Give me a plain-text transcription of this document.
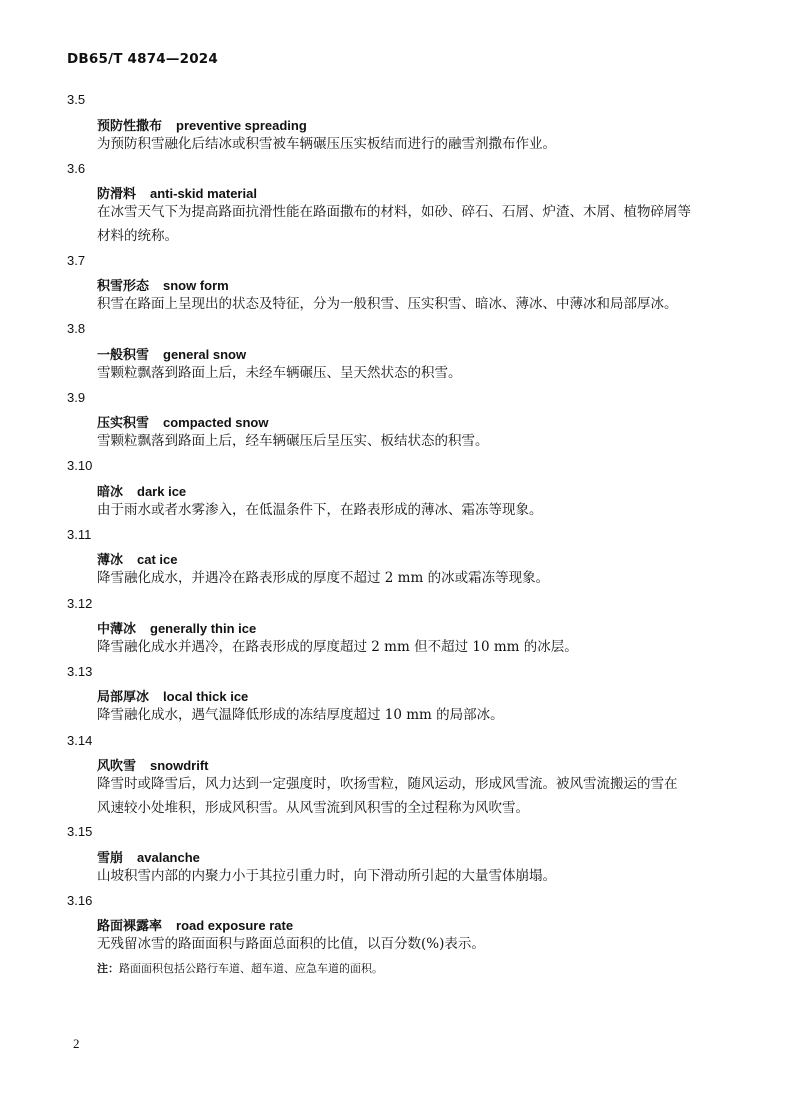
DB65/T 4874—2024
3.5
预防性撒布 preventive spreading
为预防积雪融化后结冰或积雪被车辆碾压压实板结而进行的融雪剂撒布作业。
3.6
防滑料 anti-skid material
在冰雪天气下为提高路面抗滑性能在路面撒布的材料，如砂、碎石、石屑、炉渣、木屑、植物碎屑等
材料的统称。
3.7
积雪形态 snow form
积雪在路面上呈现出的状态及特征，分为一般积雪、压实积雪、暗冰、薄冰、中薄冰和局部厚冰。
3.8
一般积雪 general snow
雪颗粒飘落到路面上后，未经车辆碾压、呈天然状态的积雪。
3.9
压实积雪 compacted snow
雪颗粒飘落到路面上后，经车辆碾压后呈压实、板结状态的积雪。
3.10
暗冰 dark ice
由于雨水或者水雾渗入，在低温条件下，在路表形成的薄冰、霜冻等现象。
3.11
薄冰 cat ice
降雪融化成水，并遇冷在路表形成的厚度不超过 2 mm 的冰或霜冻等现象。
3.12
中薄冰 generally thin ice
降雪融化成水并遇冷，在路表形成的厚度超过 2 mm 但不超过 10 mm 的冰层。
3.13
局部厚冰 local thick ice
降雪融化成水，遇气温降低形成的冻结厚度超过 10 mm 的局部冰。
3.14
风吹雪 snowdrift
降雪时或降雪后，风力达到一定强度时，吹扬雪粒，随风运动，形成风雪流。被风雪流搬运的雪在
风速较小处堆积，形成风积雪。从风雪流到风积雪的全过程称为风吹雪。
3.15
雪崩 avalanche
山坡积雪内部的内聚力小于其拉引重力时，向下滑动所引起的大量雪体崩塌。
3.16
路面裸露率 road exposure rate
无残留冰雪的路面面积与路面总面积的比值，以百分数(%)表示。
注：路面面积包括公路行车道、超车道、应急车道的面积。
2
